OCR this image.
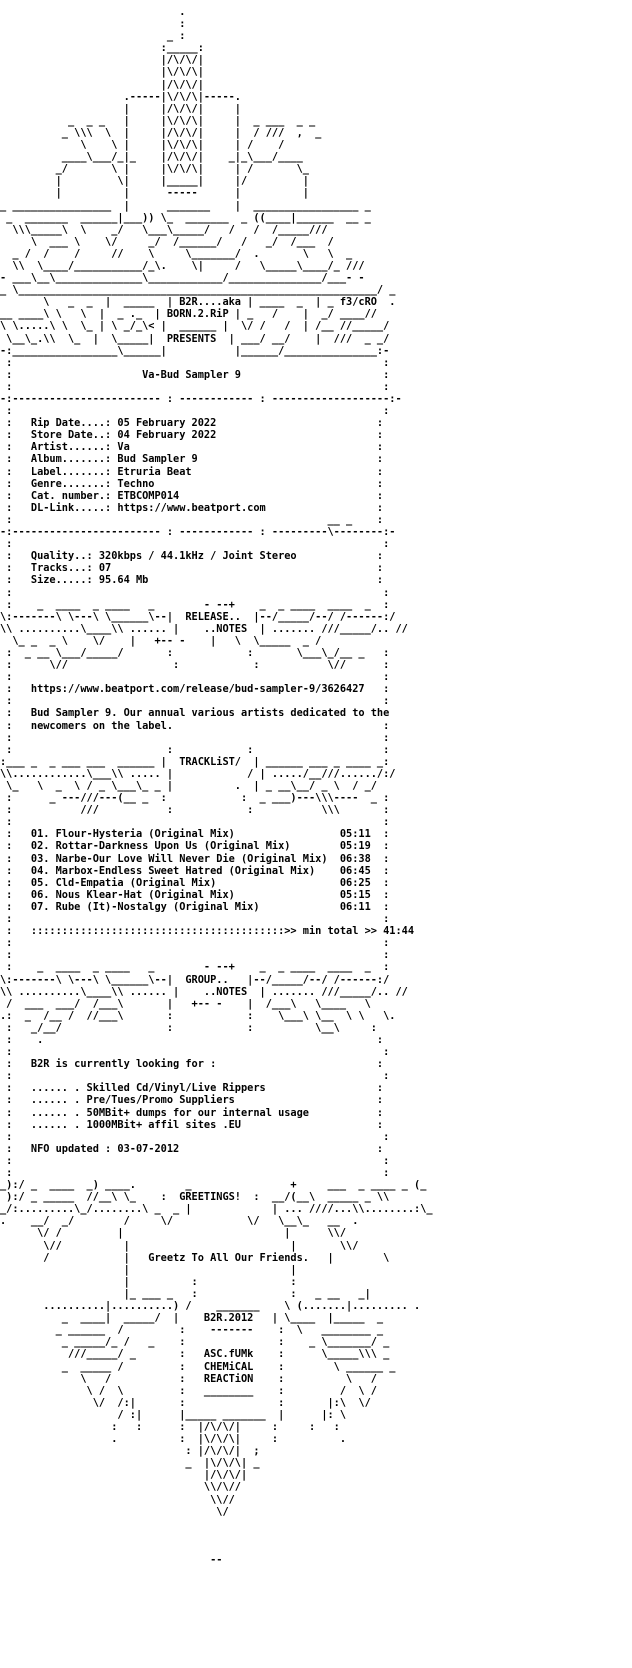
.
:
_ :
:_____:
|/\/\/|
|\/\/\|
|/\/\/|
.-----|\/\/\|-----.
|     |/\/\/|     |
_  _ _   |     |\/\/\|     |  _ ___  _ _
_ \\\  \  |     |/\/\/|     |  / ///  ,  _
\    \ |     |\/\/\|     | /    /
____\___/_|_    |/\/\/|    _|_\___/____
_/       \ |     |\/\/\|     | /       \_
|         \|     |_____|     |/         |
|          |      -----      |          |
_ ________________  |      _______    |  _________________ _
_  _______  ______|___)) \_  _______  _ ((____|______  __ _
\\\_____\  \    _/   \___\_____/   /   /  /_____///
\  ___ \    \/     _/  /______/   /   _/  /___  /
_ /  /    /     //    \     \_______/  .       \   \  _
\\  \____/___________/_\.    \|     /   \_____\____/_ ///
- ___\__\______________\____________/_______________/___- -
_ \__________________________________________________________/ _
\   _  _  |  _____  | B2R....aka | ____  _  | _ f3/cRO  .
__ ____\ \   \  |  _ ._  | BORN.2.RiP | _   /    |  _/ ____//
\ \.....\ \  \_ | \ _/_\< |  ______ |  \/ /   /  | /__ //_____/
\__\_.\\  \_  |  \_____|  PRESENTS  | ___/ __/    |  ///  _ _/
-:_________________\______|           |______/_______________:-
:                                                            :
:                     Va-Bud Sampler 9                       :
:                                                            :
-:------------------------ : ------------ : -------------------:-
:                                                            :
:   Rip Date....: 05 February 2022                          :
:   Store Date..: 04 February 2022                          :
:   Artist......: Va                                        :
:   Album.......: Bud Sampler 9                             :
:   Label.......: Etruria Beat                              :
:   Genre.......: Techno                                    :
:   Cat. number.: ETBCOMP014                                :
:   DL-Link.....: https://www.beatport.com                  :
:                                                   __ _    :
-:------------------------ : ------------ : ---------\--------:-
:                                                            :
:   Quality..: 320kbps / 44.1kHz / Joint Stereo             :
:   Tracks...: 07                                           :
:   Size.....: 95.64 Mb                                     :
:                                                            :
:    _  ____  _ ____   _        - --+    _  _ ____  ____  _  :
\:-------\ \---\ \______\--|  RELEASE..  |--/_____/--/ /------:/
\\ ..........\____\\ ...... |    ..NOTES  | ....... ///_____/.. //
\_ _  _ \    \/    |   +-- -    |   \  \_____  _ /
:  _ __ \___/_____/       :            :       \___\_/__ _   :
:      \//                 :            :           \//      :
:                                                            :
:   https://www.beatport.com/release/bud-sampler-9/3626427   :
:                                                            :
:   Bud Sampler 9. Our annual various artists dedicated to the
:   newcomers on the label.                                  :
:                                                            :
:                         :            :                     :
:___ _  _ ___ ___  ______ |  TRACKLiST/  | ______ ___ _ ____ _:
\\............\___\\ ..... |            / | ...../__///....../:/
\_   \  _  \ / _ \___\_ _ |          .  | _ __\__/ _ \  / _/
:      _ ---///---(__ _  :            :  _ ___)---\\\----  _ :
:           ///           :            :           \\\       :
:                                                            :
:   01. Flour-Hysteria (Original Mix)                 05:11  :
:   02. Rottar-Darkness Upon Us (Original Mix)        05:19  :
:   03. Narbe-Our Love Will Never Die (Original Mix)  06:38  :
:   04. Marbox-Endless Sweet Hatred (Original Mix)    06:45  :
:   05. Cld-Empatia (Original Mix)                    06:25  :
:   06. Nous Klear-Hat (Original Mix)                 05:15  :
:   07. Rube (It)-Nostalgy (Original Mix)             06:11  :
:                                                            :
:   :::::::::::::::::::::::::::::::::::::::::>> min total >> 41:44
:                                                            :
:                                                            :
:    _  ____  _ ____   _        - --+    _  _ ____  ____  _  :
\:-------\ \---\ \______\--|  GROUP..   |--/_____/--/ /------:/
\\ ..........\____\\ ...... |    ..NOTES  | ....... ///_____/.. //
/  ___  ___/  /___\       |   +-- -    |  /___\   \____   \
.:  _  /__ /  //___\       :            :    \___\ \__  \ \   \.
:   _/__/                 :            :          \__\     :
:    .                                                      :
:                                                            :
:   B2R is currently looking for :                          :
:                                                            :
:   ...... . Skilled Cd/Vinyl/Live Rippers                  :
:   ...... . Pre/Tues/Promo Suppliers                       :
:   ...... . 50MBit+ dumps for our internal usage           :
:   ...... . 1000MBit+ affil sites .EU                      :
:                                                            :
:   NFO updated : 03-07-2012                                :
:                                                            :
:                                                            :
_):/ _  ____  _) ____.        _                +     ___  _ ____ _ (_
):/ _ _____  //__\ \_    :  GREETINGS!  :  __/(__\  _____ _ \\
_/:.........\_/........\ _  _ |             | ... ////...\\........:\_
.    __/  _/        /     \/            \/   \__\_   __  .
\/ /         |                          |      \\/
\//          |                          |       \\/
/            |   Greetz To All Our Friends.   |        \
|                          |
|          :               :
|_ ___ _   :               :   _ __   _|
..........|..........) /    _______    \ (.......|......... .
_  ____|  _____/  |    B2R.2012   | \____  |_____  _
_ ______  /         :    -------    :  \   ________ _
_ _____/_ /   _    :               :    _ \_______/ _
///_____/ _       :   ASC.fUMk    :      \_____\\\ _
_  _____ /         :   CHEMiCAL    :        \ ______ _
\   /           :   REACTiON    :          \   /
\ /  \         :   ________    :         /  \ /
\/  /:|       :               :       |:\  \/
/ :|      |_____ _______  |      |: \
:   :      :  |/\/\/|     :     :   :
.          :  |\/\/\|     :          .
: |/\/\/|  ;
_  |\/\/\| _
|/\/\/|
\\/\//
\\//
\/
--
